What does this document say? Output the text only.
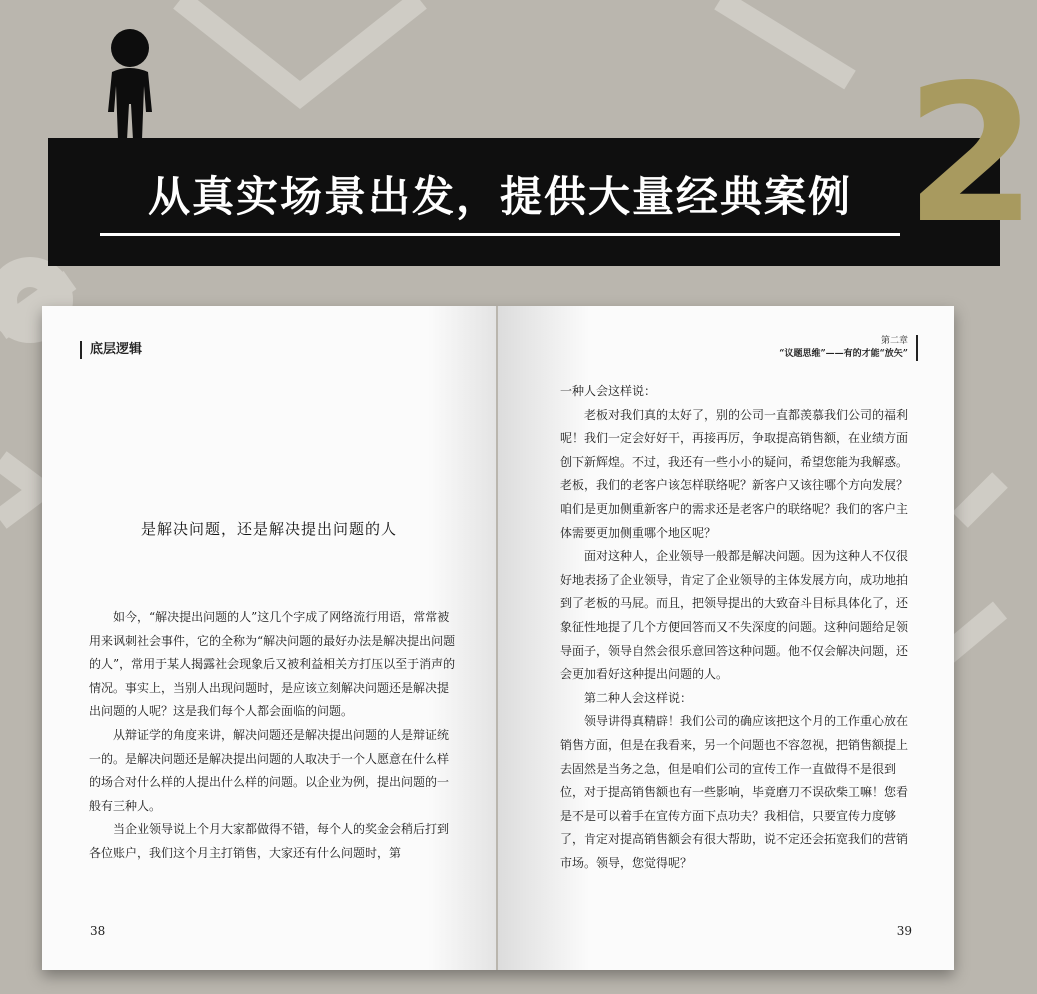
2
从真实场景出发，提供大量经典案例
底层逻辑
是解决问题，还是解决提出问题的人

如今，“解决提出问题的人”这几个字成了网络流行用语，常常被用来讽刺社会事件，它的全称为“解决问题的最好办法是解决提出问题的人”，常用于某人揭露社会现象后又被利益相关方打压以至于消声的情况。事实上，当别人出现问题时，是应该立刻解决问题还是解决提出问题的人呢？这是我们每个人都会面临的问题。

从辩证学的角度来讲，解决问题还是解决提出问题的人是辩证统一的。是解决问题还是解决提出问题的人取决于一个人愿意在什么样的场合对什么样的人提出什么样的问题。以企业为例，提出问题的一般有三种人。

当企业领导说上个月大家都做得不错，每个人的奖金会稍后打到各位账户，我们这个月主打销售，大家还有什么问题时，第

38
第二章
“议题思维”——有的才能“放矢”

一种人会这样说：

老板对我们真的太好了，别的公司一直都羡慕我们公司的福利呢！我们一定会好好干，再接再厉，争取提高销售额，在业绩方面创下新辉煌。不过，我还有一些小小的疑问，希望您能为我解惑。老板，我们的老客户该怎样联络呢？新客户又该往哪个方向发展？咱们是更加侧重新客户的需求还是老客户的联络呢？我们的客户主体需要更加侧重哪个地区呢？

面对这种人，企业领导一般都是解决问题。因为这种人不仅很好地表扬了企业领导，肯定了企业领导的主体发展方向，成功地拍到了老板的马屁。而且，把领导提出的大致奋斗目标具体化了，还象征性地提了几个方便回答而又不失深度的问题。这种问题给足领导面子，领导自然会很乐意回答这种问题。他不仅会解决问题，还会更加看好这种提出问题的人。

第二种人会这样说：

领导讲得真精辟！我们公司的确应该把这个月的工作重心放在销售方面，但是在我看来，另一个问题也不容忽视，把销售额提上去固然是当务之急，但是咱们公司的宣传工作一直做得不是很到位，对于提高销售额也有一些影响，毕竟磨刀不误砍柴工嘛！您看是不是可以着手在宣传方面下点功夫？我相信，只要宣传力度够了，肯定对提高销售额会有很大帮助，说不定还会拓宽我们的营销市场。领导，您觉得呢？

39
